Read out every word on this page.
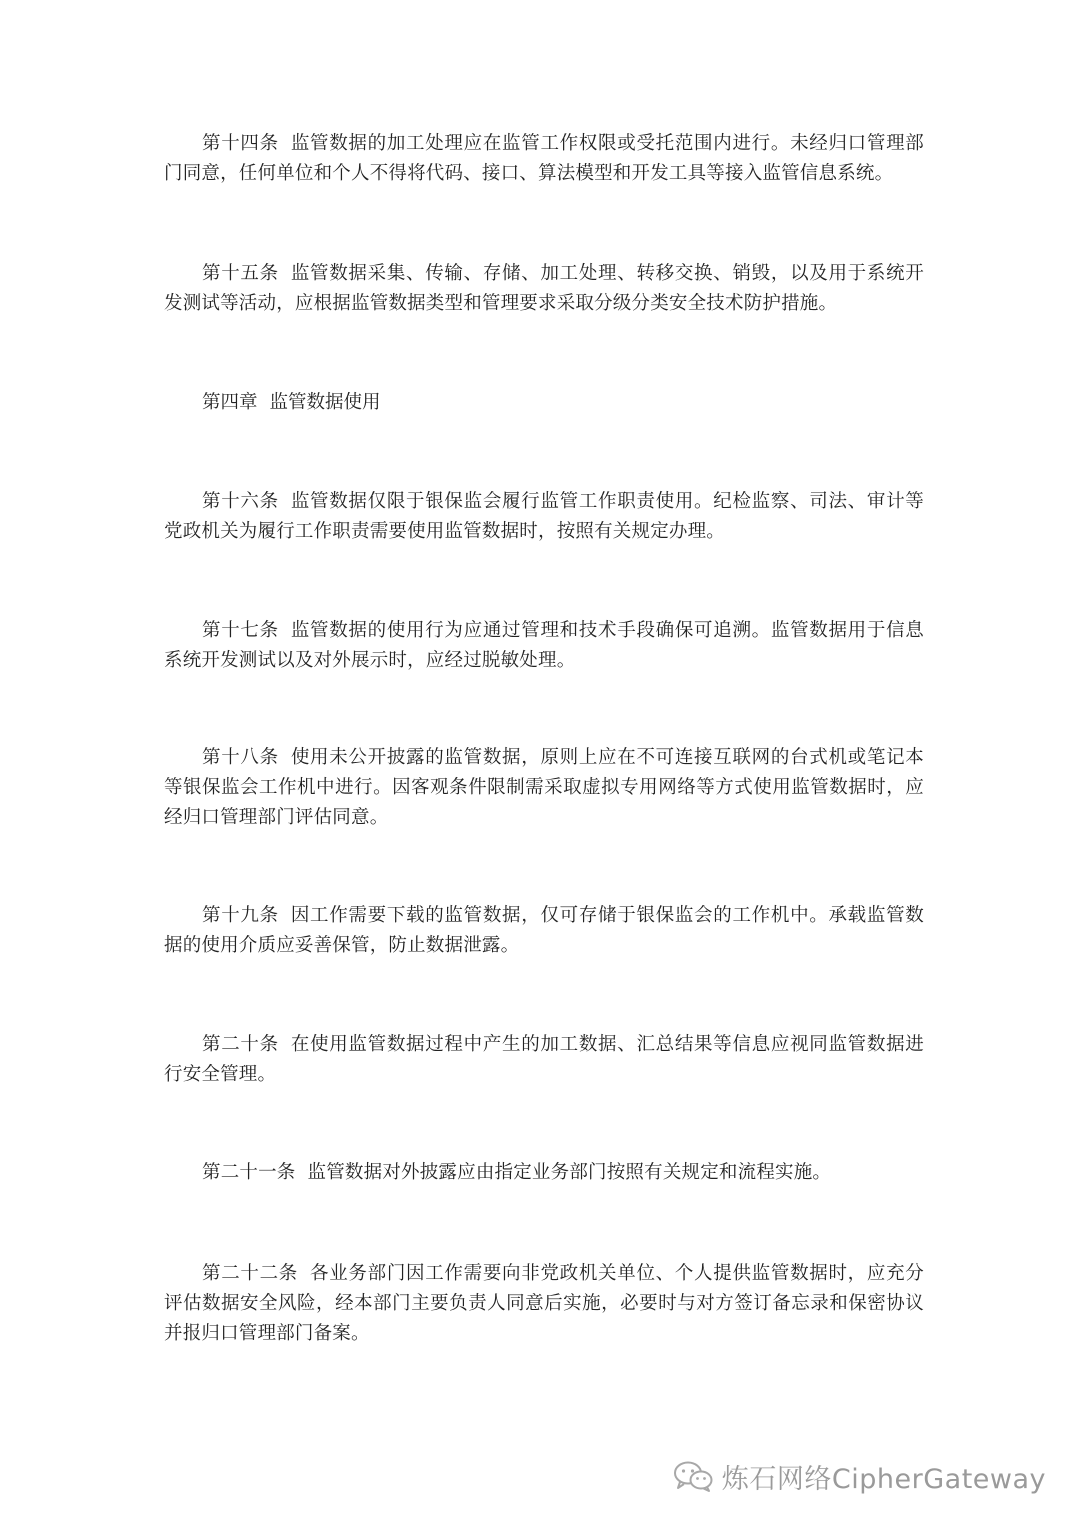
第十四条 监管数据的加工处理应在监管工作权限或受托范围内进行。未经归口管理部门同意，任何单位和个人不得将代码、接口、算法模型和开发工具等接入监管信息系统。

第十五条 监管数据采集、传输、存储、加工处理、转移交换、销毁，以及用于系统开发测试等活动，应根据监管数据类型和管理要求采取分级分类安全技术防护措施。

第四章 监管数据使用

第十六条 监管数据仅限于银保监会履行监管工作职责使用。纪检监察、司法、审计等党政机关为履行工作职责需要使用监管数据时，按照有关规定办理。

第十七条 监管数据的使用行为应通过管理和技术手段确保可追溯。监管数据用于信息系统开发测试以及对外展示时，应经过脱敏处理。

第十八条 使用未公开披露的监管数据，原则上应在不可连接互联网的台式机或笔记本等银保监会工作机中进行。因客观条件限制需采取虚拟专用网络等方式使用监管数据时，应经归口管理部门评估同意。

第十九条 因工作需要下载的监管数据，仅可存储于银保监会的工作机中。承载监管数据的使用介质应妥善保管，防止数据泄露。

第二十条 在使用监管数据过程中产生的加工数据、汇总结果等信息应视同监管数据进行安全管理。

第二十一条 监管数据对外披露应由指定业务部门按照有关规定和流程实施。

第二十二条 各业务部门因工作需要向非党政机关单位、个人提供监管数据时，应充分评估数据安全风险，经本部门主要负责人同意后实施，必要时与对方签订备忘录和保密协议并报归口管理部门备案。

炼石网络CipherGateway
